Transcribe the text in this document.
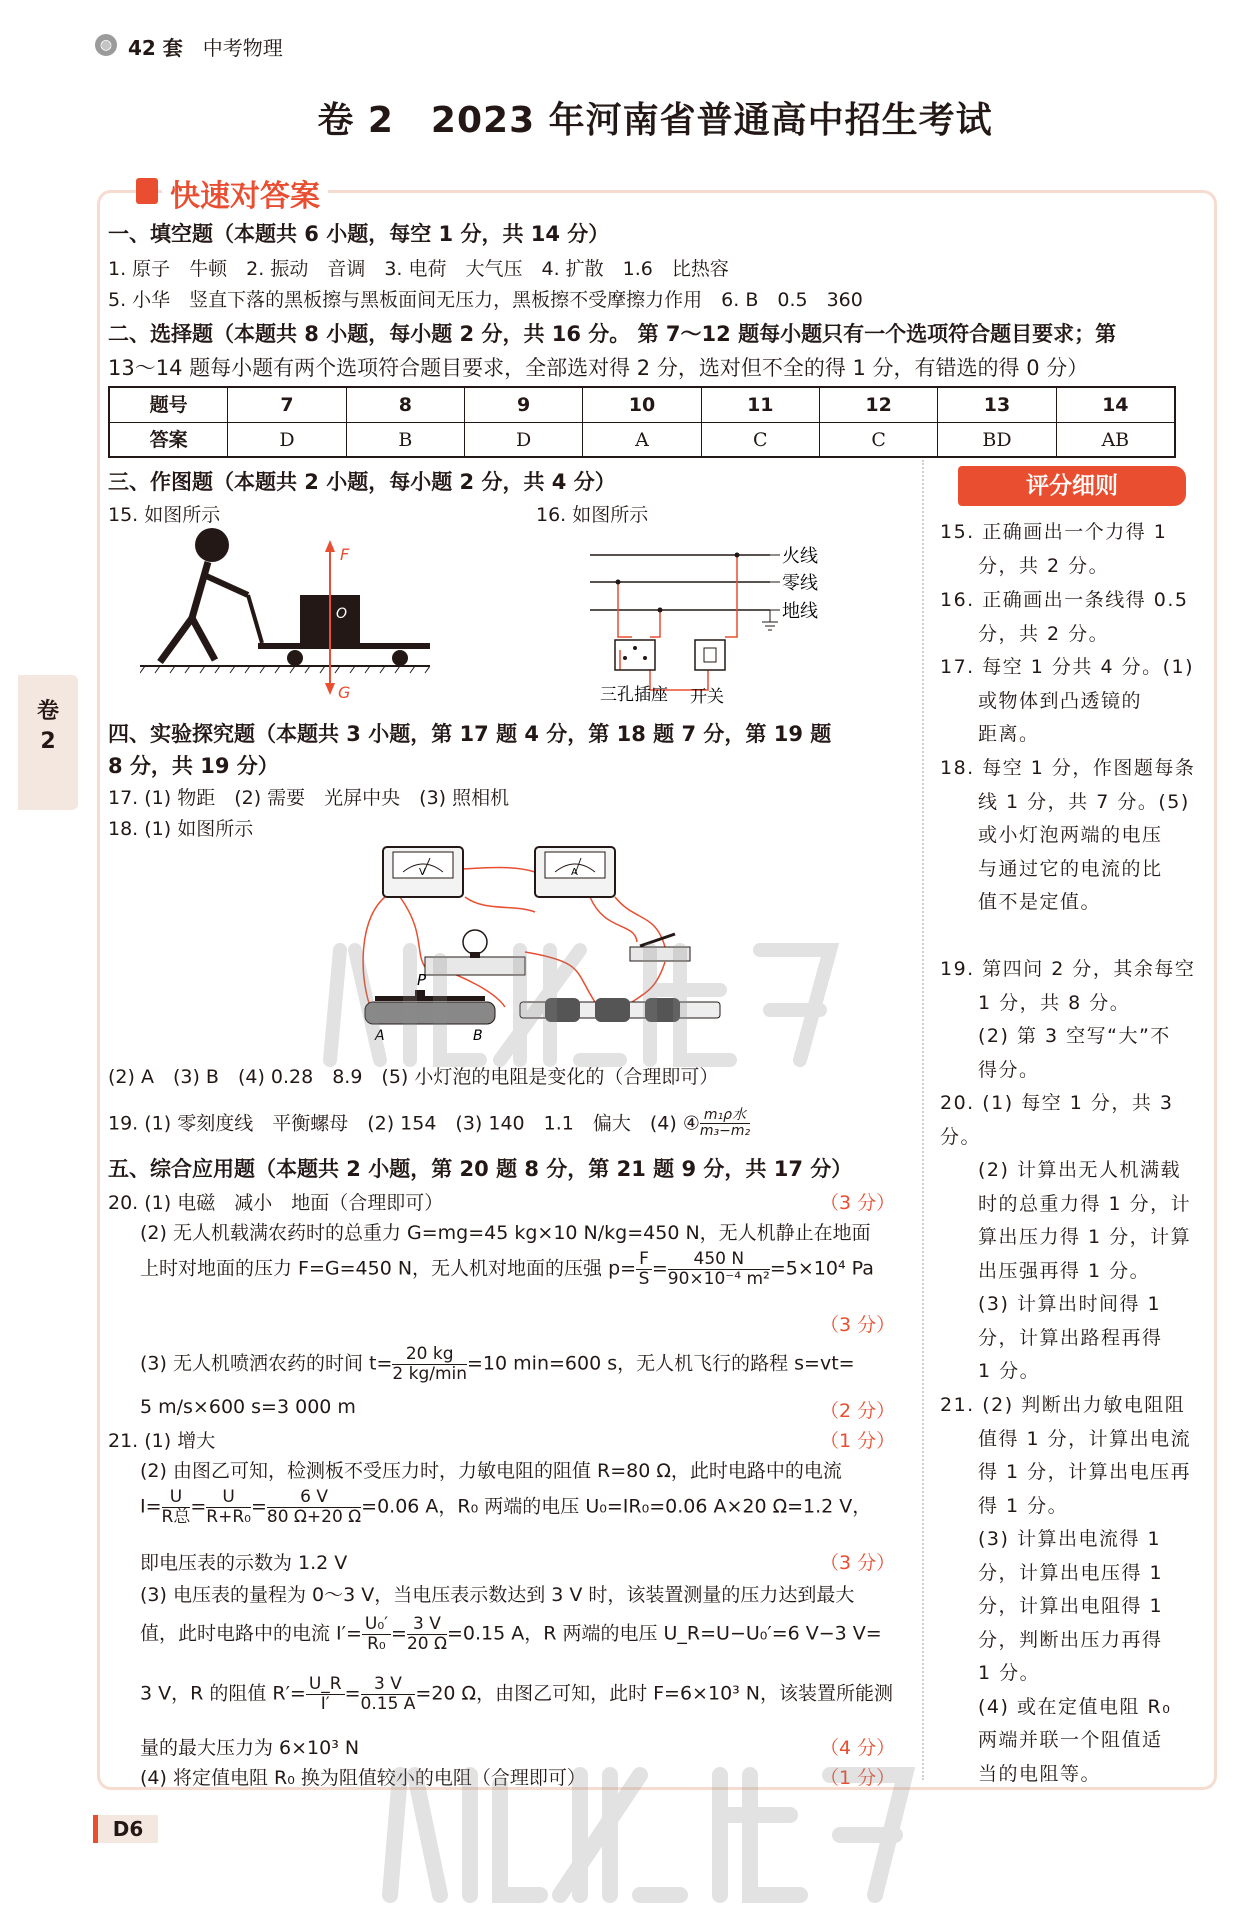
◍ 42 套 中考物理
卷 2　2023 年河南省普通高中招生考试
卷
2
快速对答案
一、填空题（本题共 6 小题，每空 1 分，共 14 分）
1. 原子　牛顿　2. 振动　音调　3. 电荷　大气压　4. 扩散　1.6　比热容
5. 小华　竖直下落的黑板擦与黑板面间无压力，黑板擦不受摩擦力作用　6. B　0.5　360
二、选择题（本题共 8 小题，每小题 2 分，共 16 分。 第 7～12 题每小题只有一个选项符合题目要求；第
13～14 题每小题有两个选项符合题目要求，全部选对得 2 分，选对但不全的得 1 分，有错选的得 0 分）
题号	7	8	9	10	11	12	13	14
答案	D	B	D	A	C	C	BD	AB
评分细则
15. 正确画出一个力得 1
分，共 2 分。
16. 正确画出一条线得 0.5
分，共 2 分。
17. 每空 1 分共 4 分。(1)
或物体到凸透镜的
距离。
18. 每空 1 分，作图题每条
线 1 分，共 7 分。(5)
或小灯泡两端的电压
与通过它的电流的比
值不是定值。
19. 第四问 2 分，其余每空
1 分，共 8 分。
(2) 第 3 空写“大”不
得分。
20. (1) 每空 1 分，共 3 分。
(2) 计算出无人机满载
时的总重力得 1 分，计
算出压力得 1 分，计算
出压强再得 1 分。
(3) 计算出时间得 1
分，计算出路程再得
1 分。
21. (2) 判断出力敏电阻阻
值得 1 分，计算出电流
得 1 分，计算出电压再
得 1 分。
(3) 计算出电流得 1
分，计算出电压得 1
分，计算出电阻得 1
分，判断出压力再得
1 分。
(4) 或在定值电阻 R₀
两端并联一个阻值适
当的电阻等。
三、作图题（本题共 2 小题，每小题 2 分，共 4 分）
15. 如图所示	16. 如图所示
F
G
O
火线
零线
地线
三孔插座 开关
四、实验探究题（本题共 3 小题，第 17 题 4 分，第 18 题 7 分，第 19 题
8 分，共 19 分）
17. (1) 物距　(2) 需要　光屏中央　(3) 照相机
18. (1) 如图所示
V	A
P
A	B
(2) A　(3) B　(4) 0.28　8.9　(5) 小灯泡的电阻是变化的（合理即可）
19. (1) 零刻度线　平衡螺母　(2) 154　(3) 140　1.1　偏大　(4) ④ $\frac{\text{m₁ρ水}}{\text{m₃−m₂}}$
五、综合应用题（本题共 2 小题，第 20 题 8 分，第 21 题 9 分，共 17 分）
20. (1) 电磁　减小　地面（合理即可）	（3 分）
(2) 无人机载满农药时的总重力 G=mg=45 kg×10 N/kg=450 N，无人机静止在地面
上时对地面的压力 F=G=450 N，无人机对地面的压强 $p= \frac{F}{S} = \frac{450 N}{\text{90×10⁻⁴ m²}} =5\times 10^4$ Pa
（3 分）
(3) 无人机喷洒农药的时间 $t= \frac{20 kg}{2 kg/\min} =10$ min=600 s，无人机飞行的路程 s=vt=
5 m/s×600 s=3 000 m	（2 分）
21. (1) 增大	（1 分）
(2) 由图乙可知，检测板不受压力时，力敏电阻的阻值 R=80 Ω，此时电路中的电流
$I= \frac{U}{\text{R总}} = \frac{U}{\text{R+R₀}} = \frac{6 V}{80 \Omega+20 \Omega} =0.06$ A，R₀ 两端的电压 U₀=IR₀=0.06 A×20 Ω=1.2 V，
即电压表的示数为 1.2 V	（3 分）
(3) 电压表的量程为 0～3 V，当电压表示数达到 3 V 时，该装置测量的压力达到最大
值，此时电路中的电流 $I'= \frac{\text{U₀′}}{\text{R₀}} = \frac{3 V}{20 \Omega} =0.15$ A，R 两端的电压 U_R=U−U₀′=6 V−3 V=
3 V，R 的阻值 $R'= \frac{U\_R}{I'} = \frac{3 V}{0.15 A} =20$ Ω，由图乙可知，此时 F=6×10³ N，该装置所能测
量的最大压力为 6×10³ N	（4 分）
(4) 将定值电阻 R₀ 换为阻值较小的电阻（合理即可）	（1 分）
D6
